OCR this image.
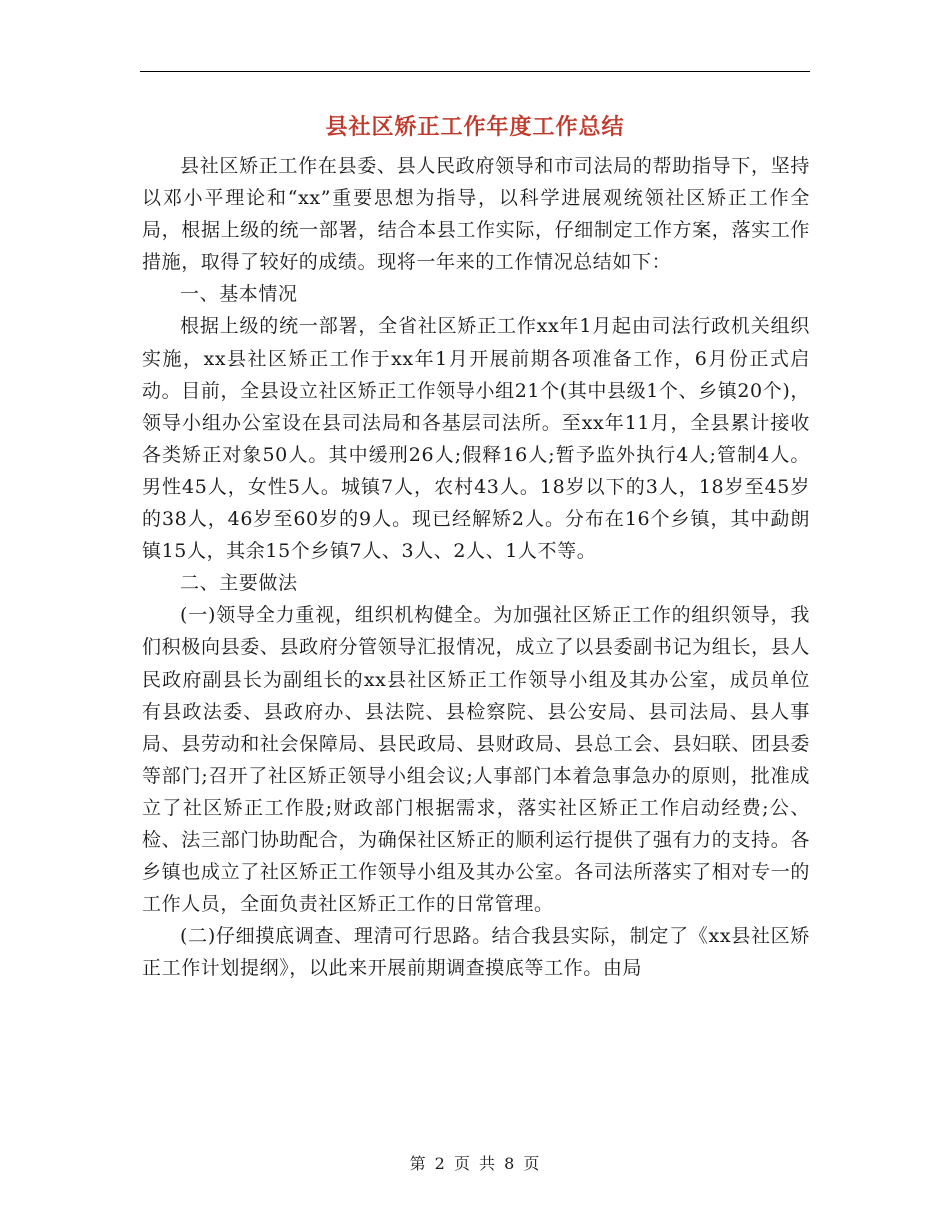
县社区矫正工作年度工作总结

县社区矫正工作在县委、县人民政府领导和市司法局的帮助指导下，坚持以邓小平理论和“xx”重要思想为指导，以科学进展观统领社区矫正工作全局，根据上级的统一部署，结合本县工作实际，仔细制定工作方案，落实工作措施，取得了较好的成绩。现将一年来的工作情况总结如下：

一、基本情况

根据上级的统一部署，全省社区矫正工作xx年1月起由司法行政机关组织实施，xx县社区矫正工作于xx年1月开展前期各项准备工作，6月份正式启动。目前，全县设立社区矫正工作领导小组21个(其中县级1个、乡镇20个)，领导小组办公室设在县司法局和各基层司法所。至xx年11月，全县累计接收各类矫正对象50人。其中缓刑26人;假释16人;暂予监外执行4人;管制4人。男性45人，女性5人。城镇7人，农村43人。18岁以下的3人，18岁至45岁的38人，46岁至60岁的9人。现已经解矫2人。分布在16个乡镇，其中勐朗镇15人，其余15个乡镇7人、3人、2人、1人不等。

二、主要做法

(一)领导全力重视，组织机构健全。为加强社区矫正工作的组织领导，我们积极向县委、县政府分管领导汇报情况，成立了以县委副书记为组长，县人民政府副县长为副组长的xx县社区矫正工作领导小组及其办公室，成员单位有县政法委、县政府办、县法院、县检察院、县公安局、县司法局、县人事局、县劳动和社会保障局、县民政局、县财政局、县总工会、县妇联、团县委等部门;召开了社区矫正领导小组会议;人事部门本着急事急办的原则，批准成立了社区矫正工作股;财政部门根据需求，落实社区矫正工作启动经费;公、检、法三部门协助配合，为确保社区矫正的顺利运行提供了强有力的支持。各乡镇也成立了社区矫正工作领导小组及其办公室。各司法所落实了相对专一的工作人员，全面负责社区矫正工作的日常管理。

(二)仔细摸底调查、理清可行思路。结合我县实际，制定了《xx县社区矫正工作计划提纲》，以此来开展前期调查摸底等工作。由局

第 2 页 共 8 页
